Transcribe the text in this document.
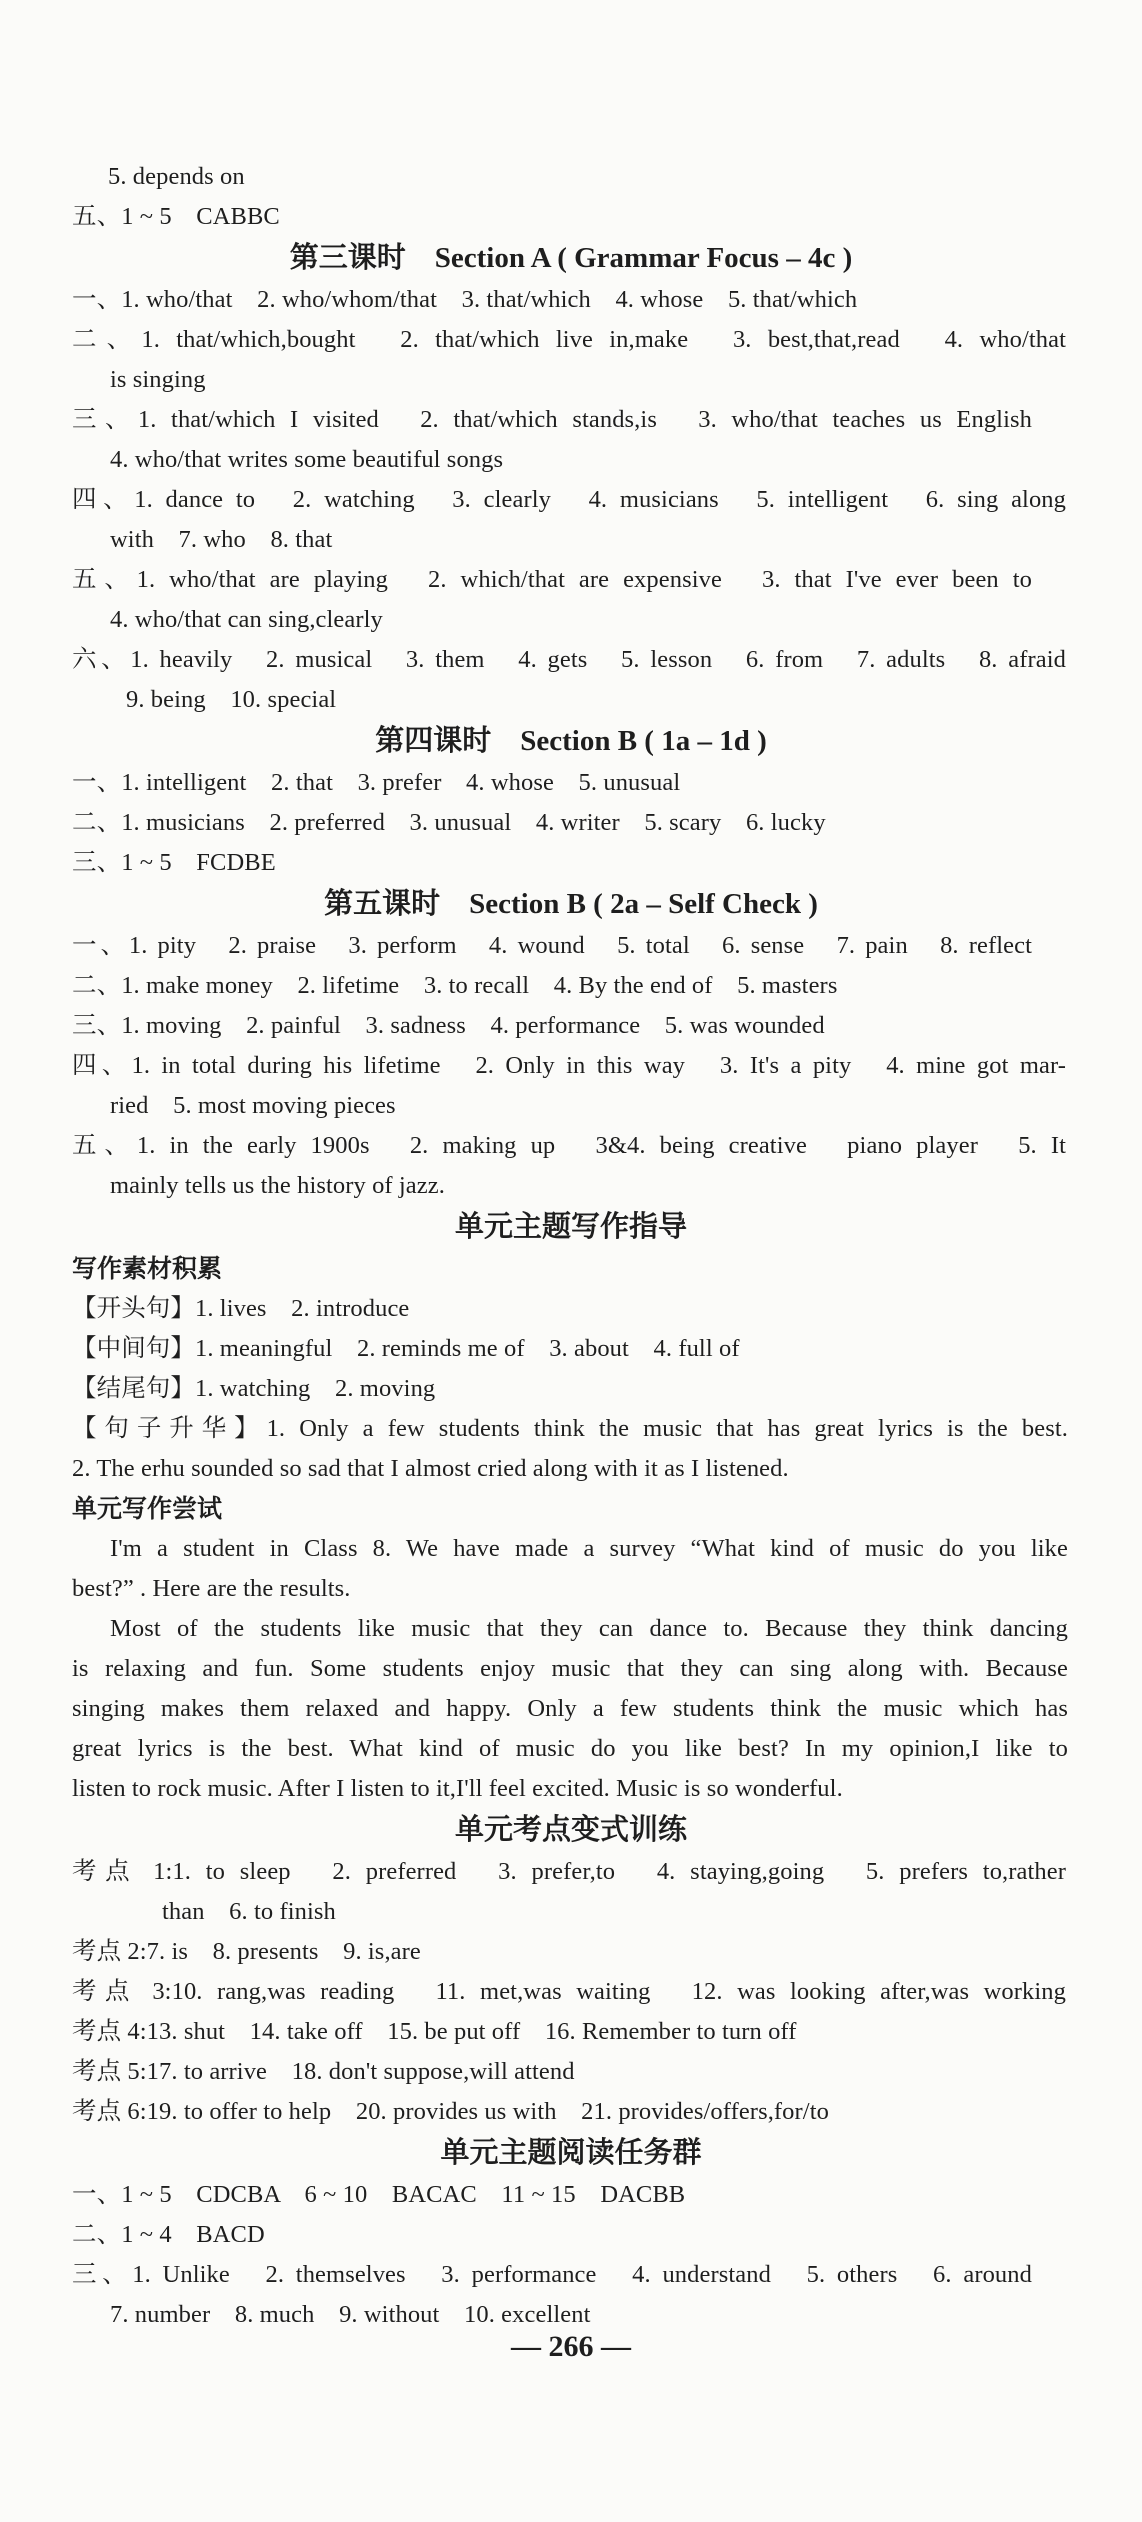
5. depends on
五、1 ~ 5　CABBC
第三课时　Section A ( Grammar Focus – 4c )
一、1. who/that　2. who/whom/that　3. that/which　4. whose　5. that/which
二、1. that/which,bought　2. that/which live in,make　3. best,that,read　4. who/that
is singing
三、1. that/which I visited　2. that/which stands,is　3. who/that teaches us English
4. who/that writes some beautiful songs
四、1. dance to　2. watching　3. clearly　4. musicians　5. intelligent　6. sing along
with　7. who　8. that
五、1. who/that are playing　2. which/that are expensive　3. that I've ever been to
4. who/that can sing,clearly
六、1. heavily　2. musical　3. them　4. gets　5. lesson　6. from　7. adults　8. afraid
9. being　10. special
第四课时　Section B ( 1a – 1d )
一、1. intelligent　2. that　3. prefer　4. whose　5. unusual
二、1. musicians　2. preferred　3. unusual　4. writer　5. scary　6. lucky
三、1 ~ 5　FCDBE
第五课时　Section B ( 2a – Self Check )
一、1. pity　2. praise　3. perform　4. wound　5. total　6. sense　7. pain　8. reflect
二、1. make money　2. lifetime　3. to recall　4. By the end of　5. masters
三、1. moving　2. painful　3. sadness　4. performance　5. was wounded
四、1. in total during his lifetime　2. Only in this way　3. It's a pity　4. mine got mar-
ried　5. most moving pieces
五、1. in the early 1900s　2. making up　3&4. being creative　piano player　5. It
mainly tells us the history of jazz.
单元主题写作指导
写作素材积累
【开头句】1. lives　2. introduce
【中间句】1. meaningful　2. reminds me of　3. about　4. full of
【结尾句】1. watching　2. moving
【句子升华】1. Only a few students think the music that has great lyrics is the best.
2. The erhu sounded so sad that I almost cried along with it as I listened.
单元写作尝试
I'm a student in Class 8. We have made a survey “What kind of music do you like
best?” . Here are the results.
Most of the students like music that they can dance to. Because they think dancing
is relaxing and fun. Some students enjoy music that they can sing along with. Because
singing makes them relaxed and happy. Only a few students think the music which has
great lyrics is the best. What kind of music do you like best? In my opinion,I like to
listen to rock music. After I listen to it,I'll feel excited. Music is so wonderful.
单元考点变式训练
考点 1:1. to sleep　2. preferred　3. prefer,to　4. staying,going　5. prefers to,rather
than　6. to finish
考点 2:7. is　8. presents　9. is,are
考点 3:10. rang,was reading　11. met,was waiting　12. was looking after,was working
考点 4:13. shut　14. take off　15. be put off　16. Remember to turn off
考点 5:17. to arrive　18. don't suppose,will attend
考点 6:19. to offer to help　20. provides us with　21. provides/offers,for/to
单元主题阅读任务群
一、1 ~ 5　CDCBA　6 ~ 10　BACAC　11 ~ 15　DACBB
二、1 ~ 4　BACD
三、1. Unlike　2. themselves　3. performance　4. understand　5. others　6. around
7. number　8. much　9. without　10. excellent
— 266 —
